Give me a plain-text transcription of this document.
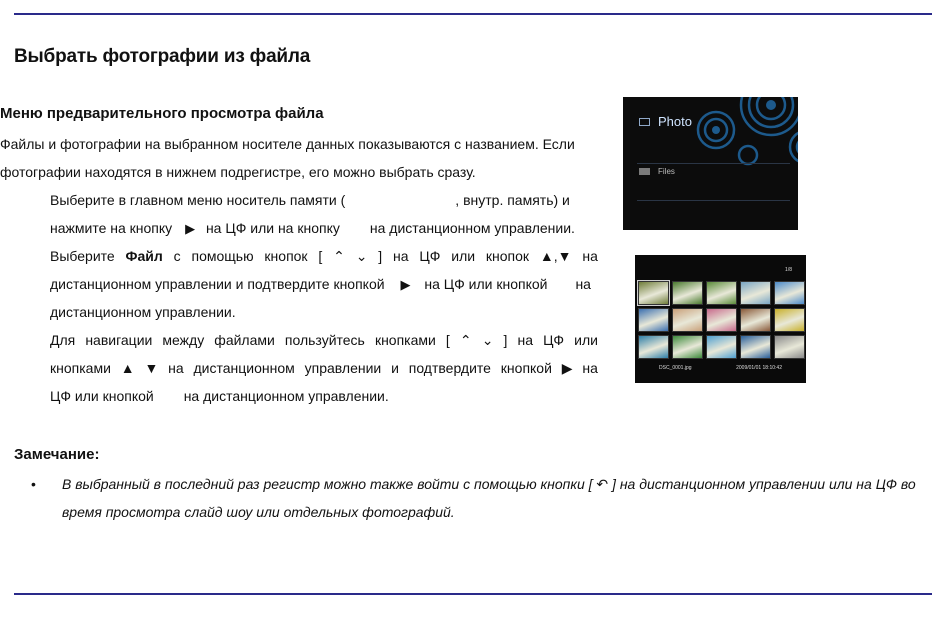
Выбрать фотографии из файла
Меню предварительного просмотра файла
Файлы и фотографии на выбранном носителе данных показываются с названием. Если
фотографии находятся в нижнем подрегистре, его можно выбрать сразу.
Выберите в главном меню носитель памяти (	, внутр. память) и
нажмите на кнопку ▶ на ЦФ или на кнопку на дистанционном управлении.
Выберите Файл с помощью кнопок [ ⌃ ⌄ ] на ЦФ или кнопок ▲,▼ на
дистанционном управлении и подтвердите кнопкой ▶ на ЦФ или кнопкой на
дистанционном управлении.
Для навигации между файлами пользуйтесь кнопками [ ⌃ ⌄ ] на ЦФ или
кнопками ▲ ▼ на дистанционном управлении и подтвердите кнопкой ▶ на
ЦФ или кнопкой на дистанционном управлении.
Замечание:
• В выбранный в последний раз регистр можно также войти с помощью кнопки [ ↶ ] на дистанционном управлении или на ЦФ во
время просмотра слайд шоу или отдельных фотографий.
Photo
Files
1/8
DSC_0001.jpg	2009/01/01 18:10:42
